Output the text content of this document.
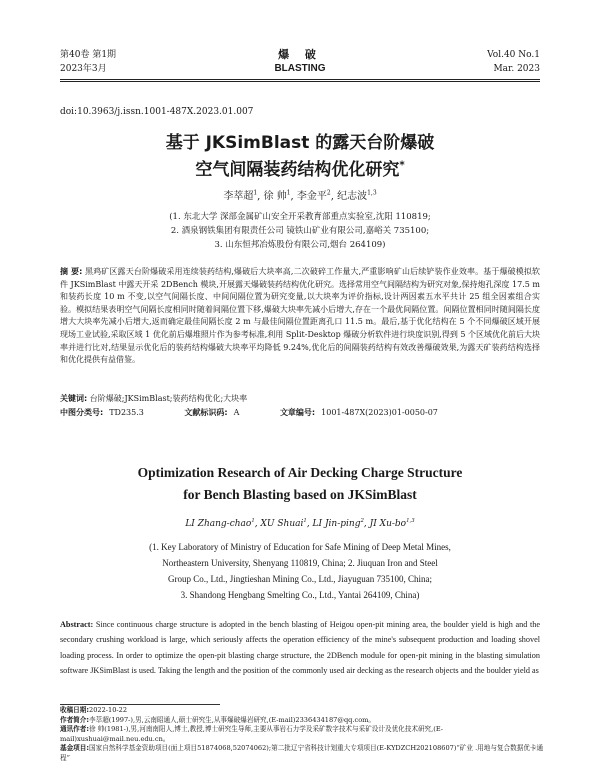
第40卷 第1期
2023年3月
爆 破
BLASTING
Vol.40 No.1
Mar. 2023
doi:10.3963/j.issn.1001-487X.2023.01.007
基于 JKSimBlast 的露天台阶爆破
空气间隔装药结构优化研究*
李萃超$^1$, 徐 帅$^1$, 李金平$^2$, 纪志波$^{1,3}$
(1. 东北大学 深部金属矿山安全开采教育部重点实验室,沈阳 110819;
2. 酒泉钢铁集团有限责任公司 镜铁山矿业有限公司,嘉峪关 735100;
3. 山东恒邦冶炼股份有限公司,烟台 264109)
摘 要: 黑鸡矿区露天台阶爆破采用连续装药结构,爆破后大块率高,二次破碎工作量大,严重影响矿山后续铲装作业效率。基于爆破模拟软件 JKSimBlast 中露天开采 2DBench 模块,开展露天爆破装药结构优化研究。选择常用空气间隔结构为研究对象,保持炮孔深度 17.5 m 和装药长度 10 m 不变,以空气间隔长度、中间间隔位置为研究变量,以大块率为评价指标,设计两因素五水平共计 25 组全因素组合实验。模拟结果表明空气间隔长度相同时随着间隔位置下移,爆破大块率先减小后增大,存在一个最优间隔位置。间隔位置相同时随间隔长度增大大块率先减小后增大,返而确定最佳间隔长度 2 m 与最佳间隔位置距离孔口 11.5 m。最后,基于优化结构在 5 个不同爆破区域开展现场工业试验,采取区域 1 优化前后爆堆照片作为参考标准,利用 Split-Desktop 爆破分析软件进行块度识别,得到 5 个区域优化前后大块率并进行比对,结果显示优化后的装药结构爆破大块率平均降低 9.24%,优化后的间隔装药结构有效改善爆破效果,为露天矿装药结构选择和优化提供有益借鉴。
关键词: 台阶爆破;JKSimBlast;装药结构优化;大块率
中图分类号: TD235.3	文献标识码: A	文章编号: 1001-487X(2023)01-0050-07
Optimization Research of Air Decking Charge Structure
for Bench Blasting based on JKSimBlast
LI Zhang-chao$^1$, XU Shuai$^1$, LI Jin-ping$^2$, JI Xu-bo$^{1,3}$
(1. Key Laboratory of Ministry of Education for Safe Mining of Deep Metal Mines,
Northeastern University, Shenyang 110819, China; 2. Jiuquan Iron and Steel
Group Co., Ltd., Jingtieshan Mining Co., Ltd., Jiayuguan 735100, China;
3. Shandong Hengbang Smelting Co., Ltd., Yantai 264109, China)
Abstract: Since continuous charge structure is adopted in the bench blasting of Heigou open-pit mining area, the boulder yield is high and the secondary crushing workload is large, which seriously affects the operation efficiency of the mine's subsequent production and loading shovel loading process. In order to optimize the open-pit blasting charge structure, the 2DBench module for open-pit mining in the blasting simulation software JKSimBlast is used. Taking the length and the position of the commonly used air decking as the research objects and the boulder yield as
收稿日期:2022-10-22
作者简介:李萃超(1997-),男,云南昭通人,硕士研究生,从事爆破爆岩研究,(E-mail)2336434187@qq.com。
通讯作者:徐 帅(1981-),男,河南南阳人,博士,教授,博士研究生导师,主要从事岩石力学及采矿数字技术与采矿设计及优化技术研究,(E-mail)xushuai@mail.neu.edu.cn。
基金项目:国家自然科学基金资助项目(面上项目51874068,52074062);第二批辽宁省科技计划重大专项项目(E-KYDZCH202108607)“矿业 .用地与复合数据优卡通程”
